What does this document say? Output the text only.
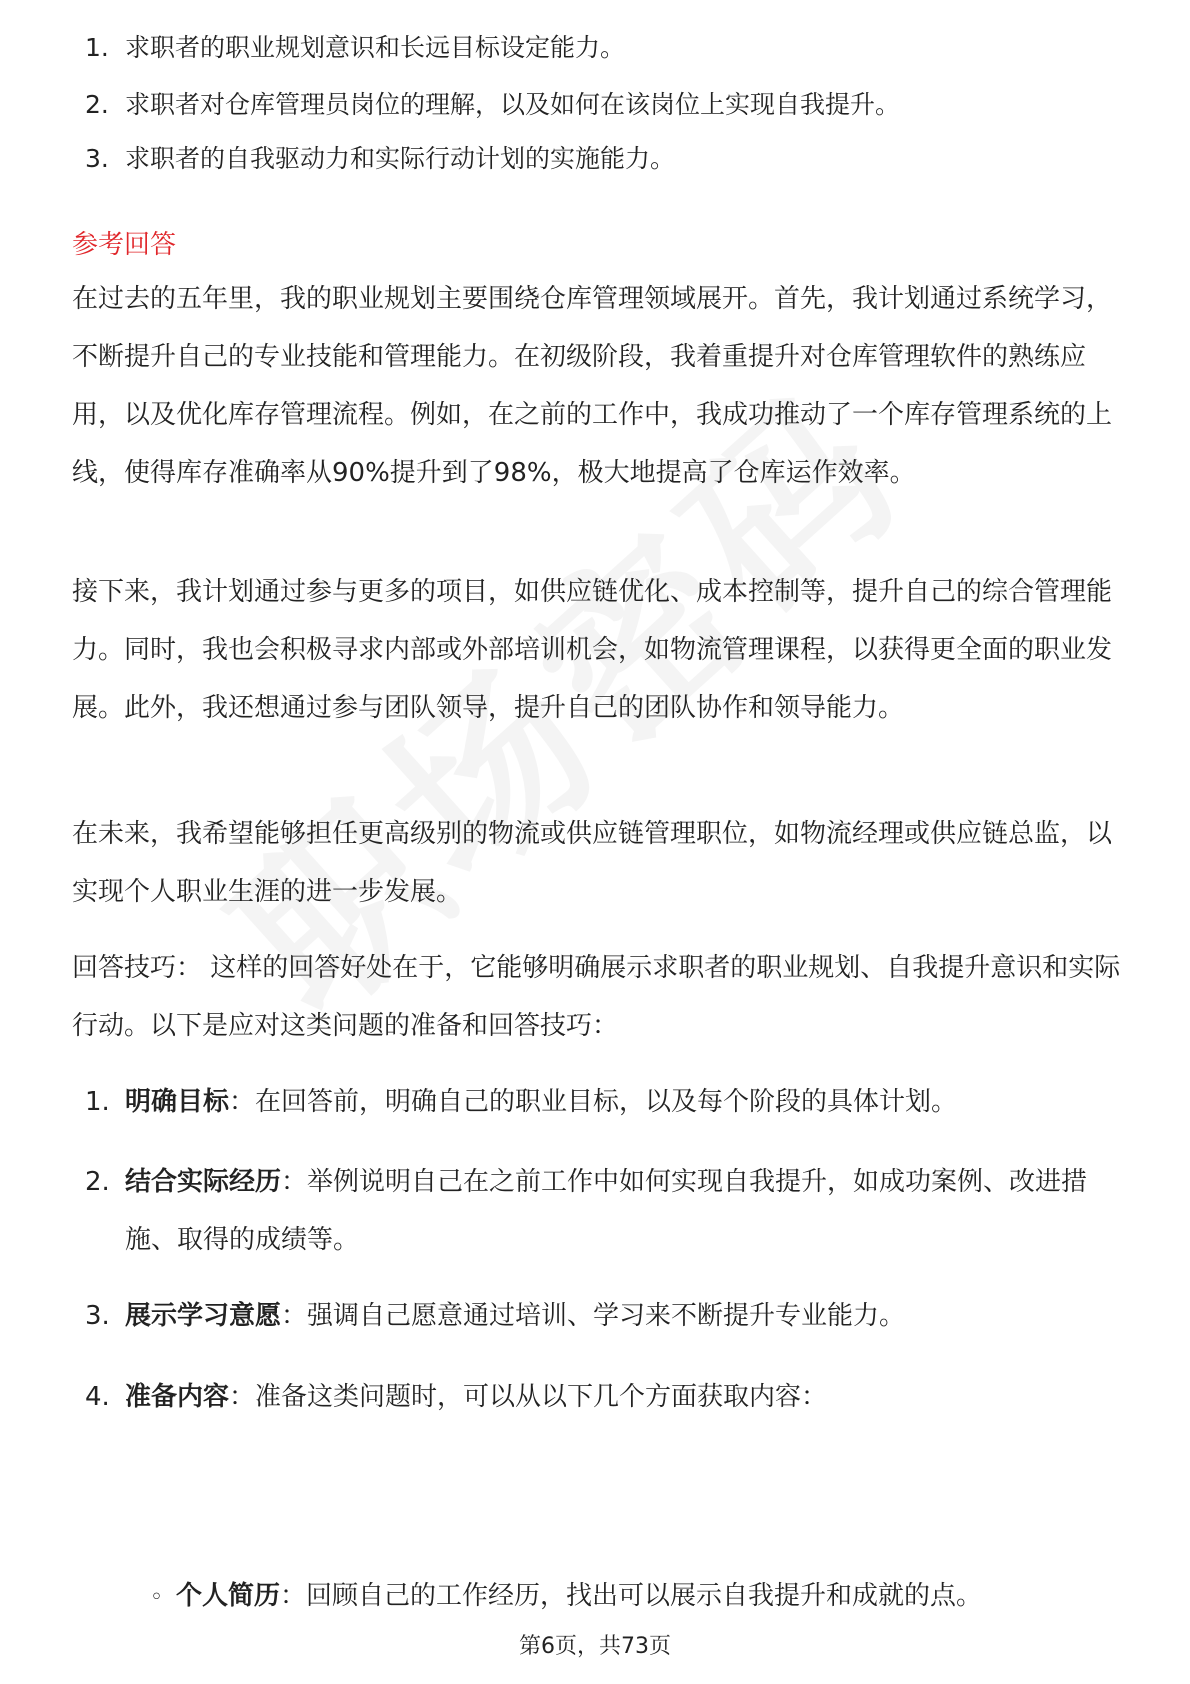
1. 求职者的职业规划意识和长远目标设定能力。
2. 求职者对仓库管理员岗位的理解，以及如何在该岗位上实现自我提升。
3. 求职者的自我驱动力和实际行动计划的实施能力。
参考回答

在过去的五年里，我的职业规划主要围绕仓库管理领域展开。首先，我计划通过系统学习，不断提升自己的专业技能和管理能力。在初级阶段，我着重提升对仓库管理软件的熟练应用，以及优化库存管理流程。例如，在之前的工作中，我成功推动了一个库存管理系统的上线，使得库存准确率从90%提升到了98%，极大地提高了仓库运作效率。

接下来，我计划通过参与更多的项目，如供应链优化、成本控制等，提升自己的综合管理能力。同时，我也会积极寻求内部或外部培训机会，如物流管理课程，以获得更全面的职业发展。此外，我还想通过参与团队领导，提升自己的团队协作和领导能力。

在未来，我希望能够担任更高级别的物流或供应链管理职位，如物流经理或供应链总监，以实现个人职业生涯的进一步发展。

回答技巧： 这样的回答好处在于，它能够明确展示求职者的职业规划、自我提升意识和实际行动。以下是应对这类问题的准备和回答技巧：

1. 明确目标：在回答前，明确自己的职业目标，以及每个阶段的具体计划。
2. 结合实际经历：举例说明自己在之前工作中如何实现自我提升，如成功案例、改进措施、取得的成绩等。
3. 展示学习意愿：强调自己愿意通过培训、学习来不断提升专业能力。
4. 准备内容：准备这类问题时，可以从以下几个方面获取内容：
◦ 个人简历：回顾自己的工作经历，找出可以展示自我提升和成就的点。
第6页，共73页
